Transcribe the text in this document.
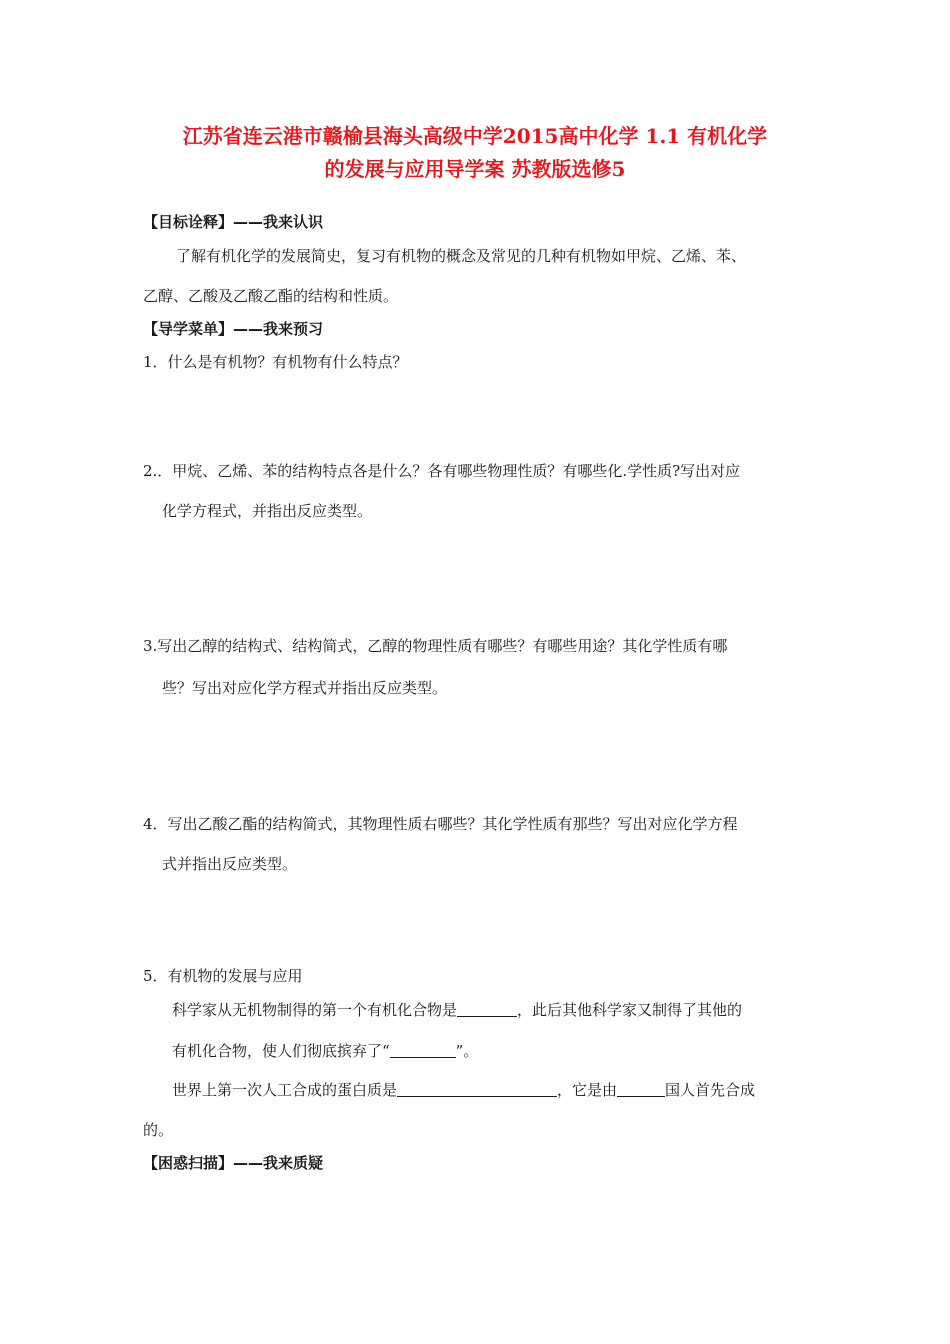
江苏省连云港市赣榆县海头高级中学2015高中化学 1.1 有机化学
的发展与应用导学案 苏教版选修5
【目标诠释】——我来认识
了解有机化学的发展简史，复习有机物的概念及常见的几种有机物如甲烷、乙烯、苯、
乙醇、乙酸及乙酸乙酯的结构和性质。
【导学菜单】——我来预习
1．什么是有机物？有机物有什么特点？
2.．甲烷、乙烯、苯的结构特点各是什么？各有哪些物理性质？有哪些化.学性质?写出对应
化学方程式，并指出反应类型。
3.写出乙醇的结构式、结构简式，乙醇的物理性质有哪些？有哪些用途？其化学性质有哪
些？写出对应化学方程式并指出反应类型。
4．写出乙酸乙酯的结构简式，其物理性质右哪些？其化学性质有那些？写出对应化学方程
式并指出反应类型。
5．有机物的发展与应用
科学家从无机物制得的第一个有机化合物是	，此后其他科学家又制得了其他的
有机化合物，使人们彻底摈弃了“	”。
世界上第一次人工合成的蛋白质是	，它是由	国人首先合成
的。
【困惑扫描】——我来质疑
